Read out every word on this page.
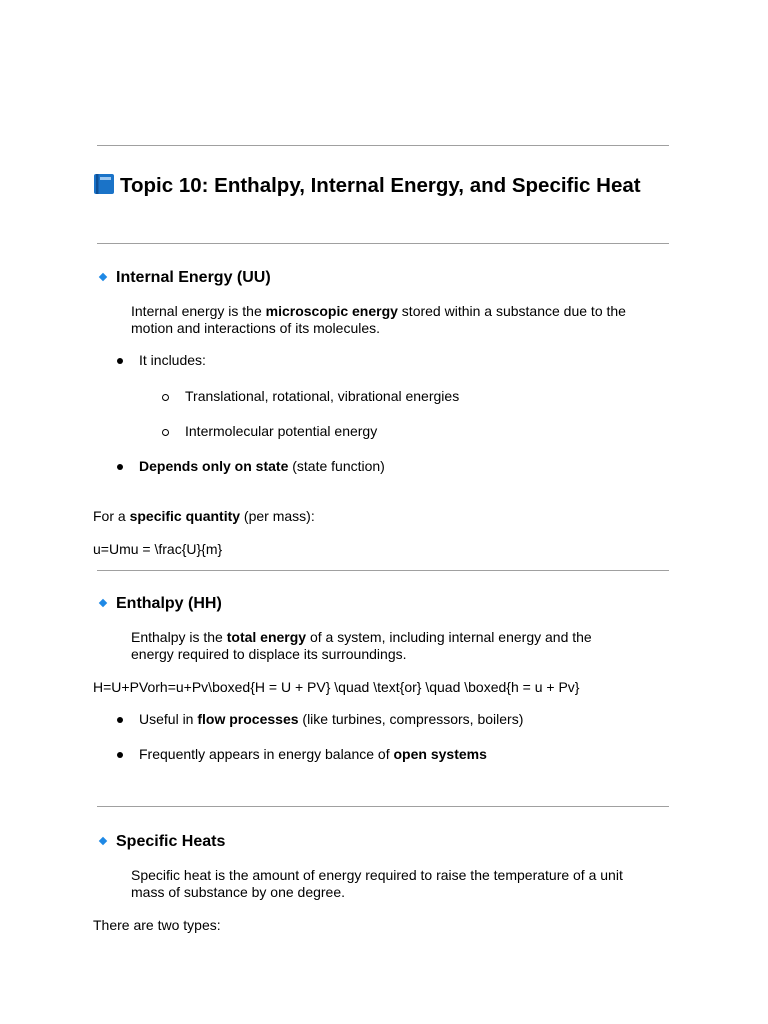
Topic 10: Enthalpy, Internal Energy, and Specific Heat
Internal Energy (UU)

Internal energy is the microscopic energy stored within a substance due to the motion and interactions of its molecules.

It includes:
Translational, rotational, vibrational energies
Intermolecular potential energy
Depends only on state (state function)

For a specific quantity (per mass):

u=Umu = \frac{U}{m}

Enthalpy (HH)

Enthalpy is the total energy of a system, including internal energy and the energy required to displace its surroundings.

H=U+PVorh=u+Pv\boxed{H = U + PV} \quad \text{or} \quad \boxed{h = u + Pv}

Useful in flow processes (like turbines, compressors, boilers)
Frequently appears in energy balance of open systems
Specific Heats

Specific heat is the amount of energy required to raise the temperature of a unit mass of substance by one degree.

There are two types:
